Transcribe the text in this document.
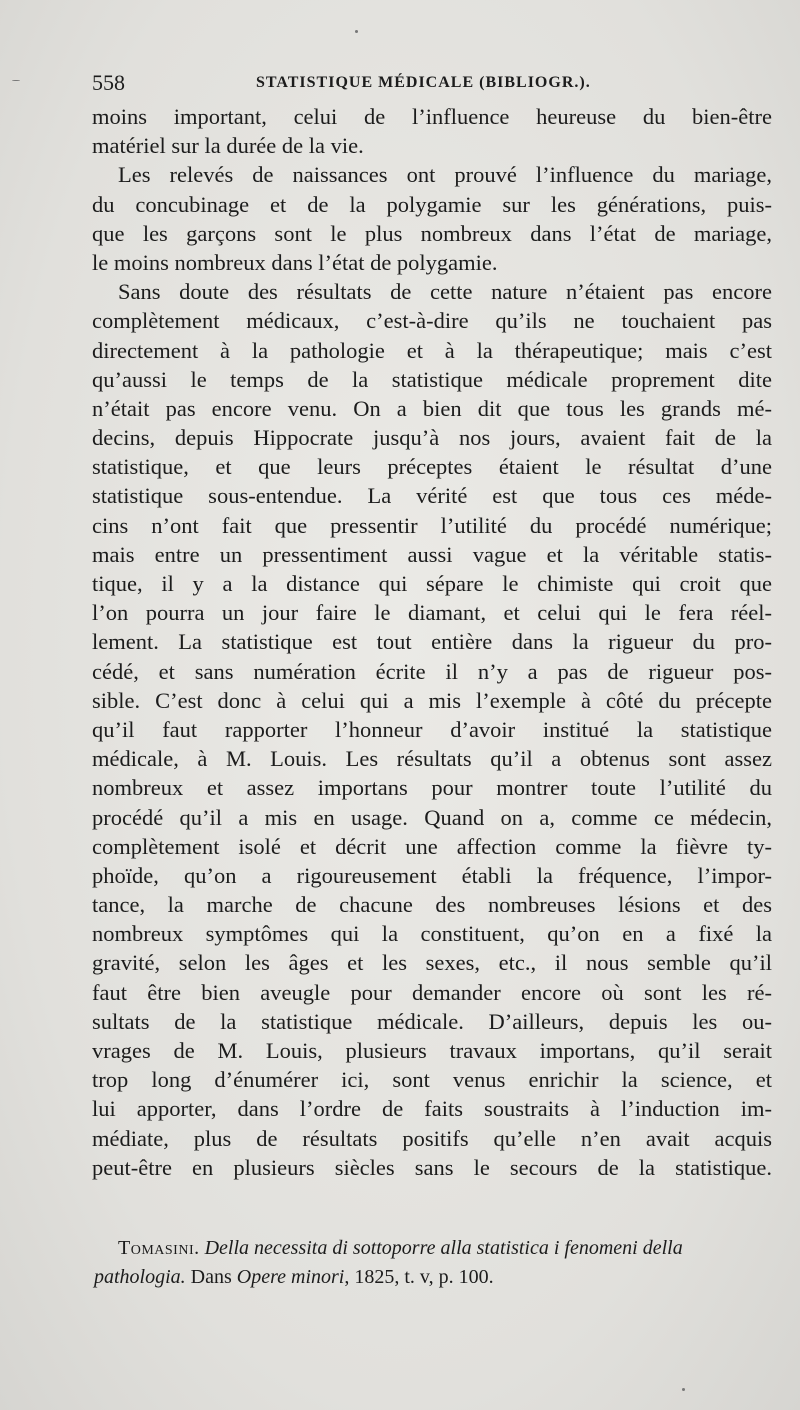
558	STATISTIQUE MÉDICALE (BIBLIOGR.).
moins important, celui de l’influence heureuse du bien-être
matériel sur la durée de la vie.
Les relevés de naissances ont prouvé l’influence du mariage,
du concubinage et de la polygamie sur les générations, puis-
que les garçons sont le plus nombreux dans l’état de mariage,
le moins nombreux dans l’état de polygamie.
Sans doute des résultats de cette nature n’étaient pas encore
complètement médicaux, c’est-à-dire qu’ils ne touchaient pas
directement à la pathologie et à la thérapeutique; mais c’est
qu’aussi le temps de la statistique médicale proprement dite
n’était pas encore venu. On a bien dit que tous les grands mé-
decins, depuis Hippocrate jusqu’à nos jours, avaient fait de la
statistique, et que leurs préceptes étaient le résultat d’une
statistique sous-entendue. La vérité est que tous ces méde-
cins n’ont fait que pressentir l’utilité du procédé numérique;
mais entre un pressentiment aussi vague et la véritable statis-
tique, il y a la distance qui sépare le chimiste qui croit que
l’on pourra un jour faire le diamant, et celui qui le fera réel-
lement. La statistique est tout entière dans la rigueur du pro-
cédé, et sans numération écrite il n’y a pas de rigueur pos-
sible. C’est donc à celui qui a mis l’exemple à côté du précepte
qu’il faut rapporter l’honneur d’avoir institué la statistique
médicale, à M. Louis. Les résultats qu’il a obtenus sont assez
nombreux et assez importans pour montrer toute l’utilité du
procédé qu’il a mis en usage. Quand on a, comme ce médecin,
complètement isolé et décrit une affection comme la fièvre ty-
phoïde, qu’on a rigoureusement établi la fréquence, l’impor-
tance, la marche de chacune des nombreuses lésions et des
nombreux symptômes qui la constituent, qu’on en a fixé la
gravité, selon les âges et les sexes, etc., il nous semble qu’il
faut être bien aveugle pour demander encore où sont les ré-
sultats de la statistique médicale. D’ailleurs, depuis les ou-
vrages de M. Louis, plusieurs travaux importans, qu’il serait
trop long d’énumérer ici, sont venus enrichir la science, et
lui apporter, dans l’ordre de faits soustraits à l’induction im-
médiate, plus de résultats positifs qu’elle n’en avait acquis
peut-être en plusieurs siècles sans le secours de la statistique.
Tomasini. Della necessita di sottoporre alla statistica i fenomeni della
pathologia. Dans Opere minori, 1825, t. v, p. 100.
